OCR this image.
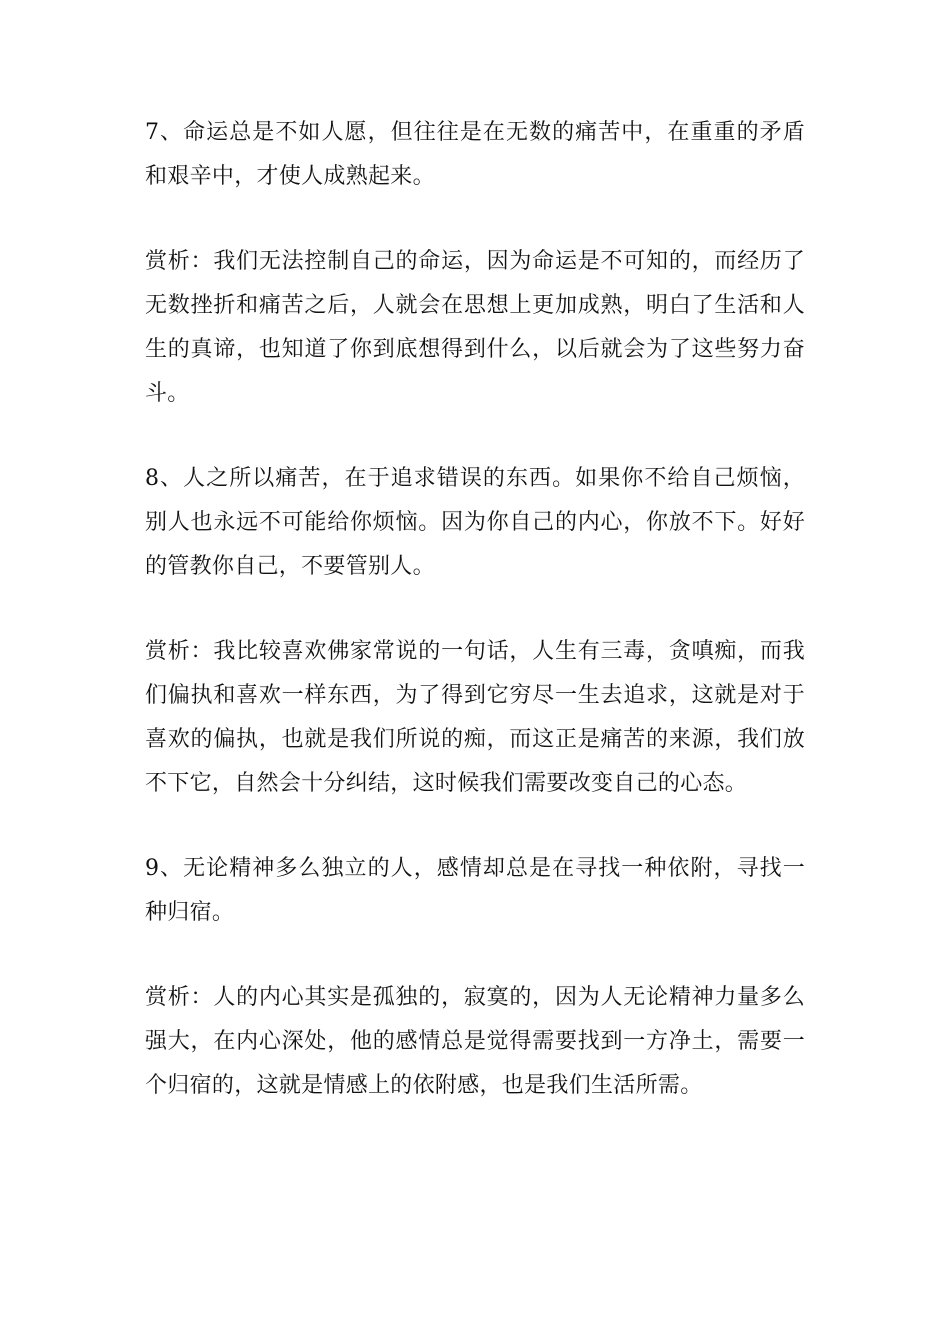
7、命运总是不如人愿，但往往是在无数的痛苦中，在重重的矛盾和艰辛中，才使人成熟起来。

赏析：我们无法控制自己的命运，因为命运是不可知的，而经历了无数挫折和痛苦之后，人就会在思想上更加成熟，明白了生活和人生的真谛，也知道了你到底想得到什么，以后就会为了这些努力奋斗。

8、人之所以痛苦，在于追求错误的东西。如果你不给自己烦恼，别人也永远不可能给你烦恼。因为你自己的内心，你放不下。好好的管教你自己，不要管别人。

赏析：我比较喜欢佛家常说的一句话，人生有三毒，贪嗔痴，而我们偏执和喜欢一样东西，为了得到它穷尽一生去追求，这就是对于喜欢的偏执，也就是我们所说的痴，而这正是痛苦的来源，我们放不下它，自然会十分纠结，这时候我们需要改变自己的心态。

9、无论精神多么独立的人，感情却总是在寻找一种依附，寻找一种归宿。

赏析：人的内心其实是孤独的，寂寞的，因为人无论精神力量多么强大，在内心深处，他的感情总是觉得需要找到一方净土，需要一个归宿的，这就是情感上的依附感，也是我们生活所需。
